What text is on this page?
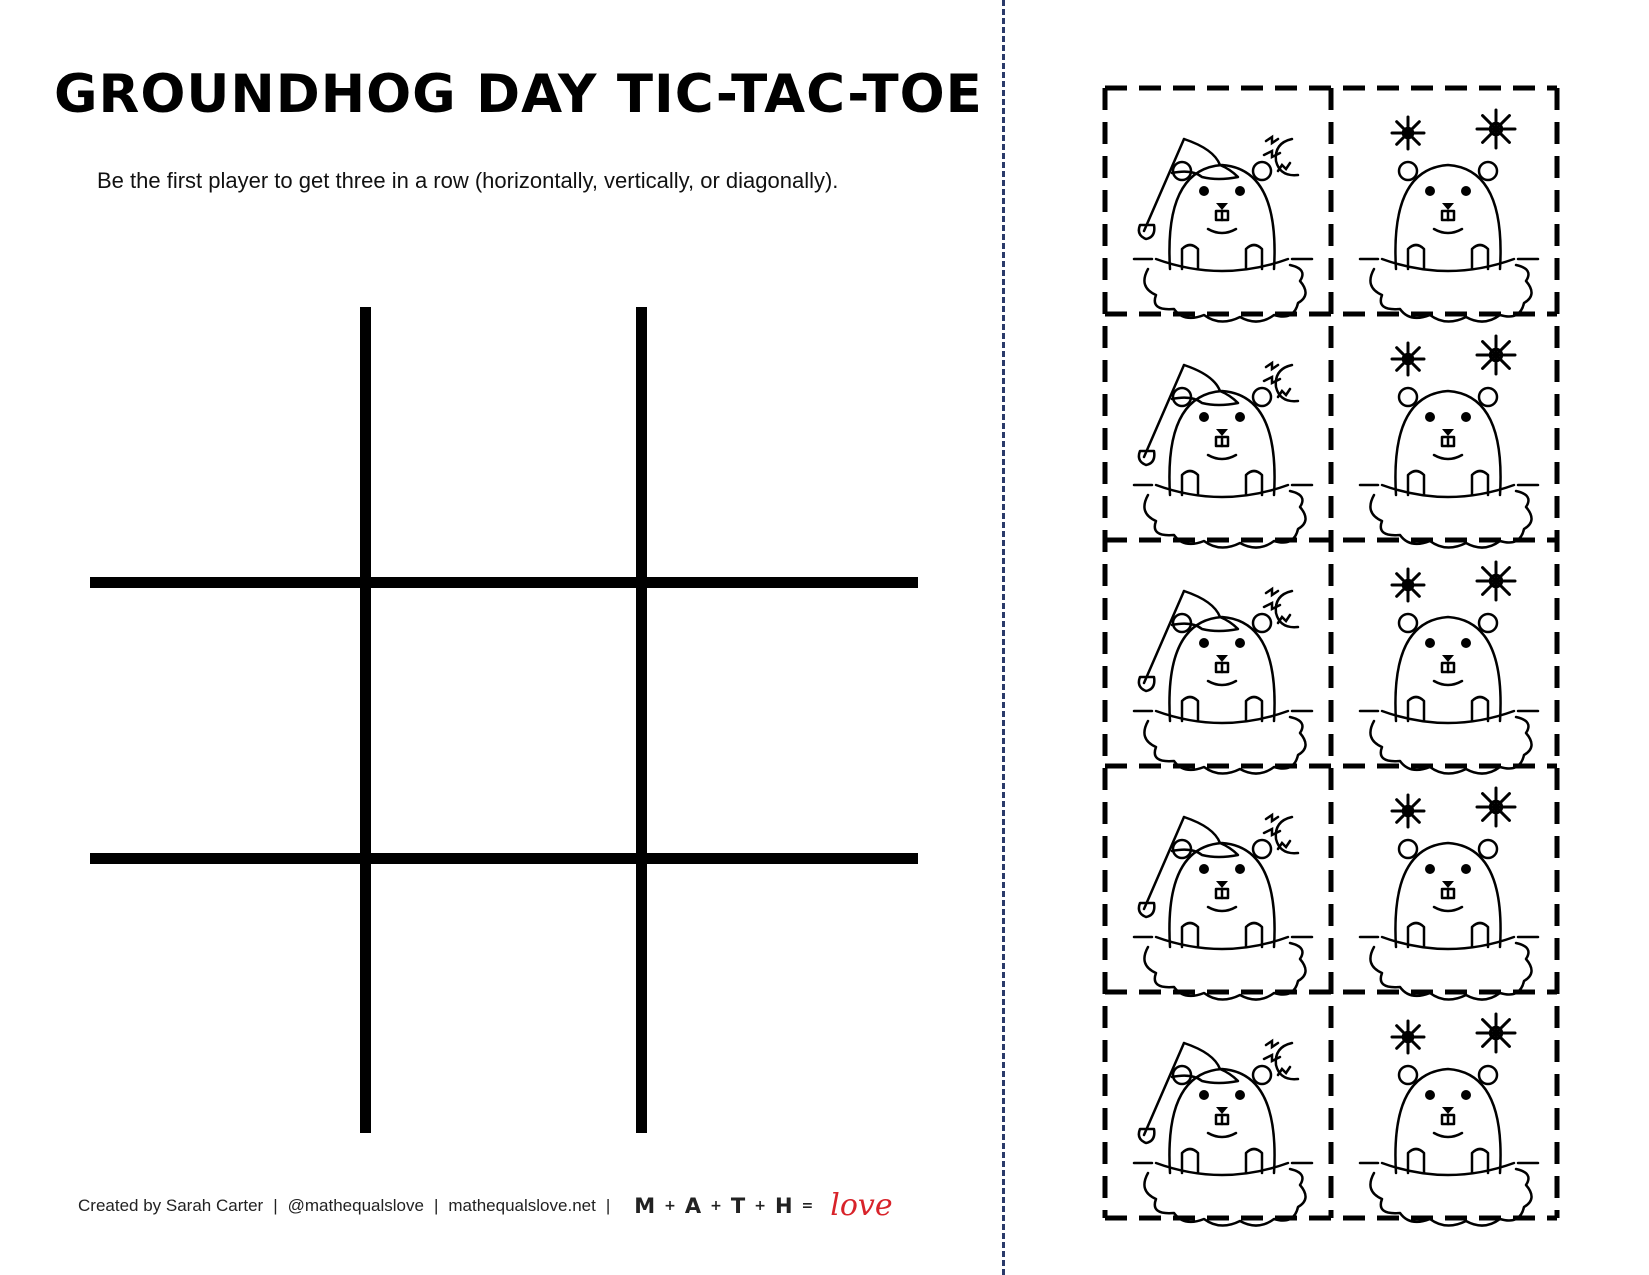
GROUNDHOG DAY TIC-TAC-TOE

Be the first player to get three in a row (horizontally, vertically, or diagonally).

Created by Sarah Carter | @mathequalslove | mathequalslove.net | M + A + T + H = love
